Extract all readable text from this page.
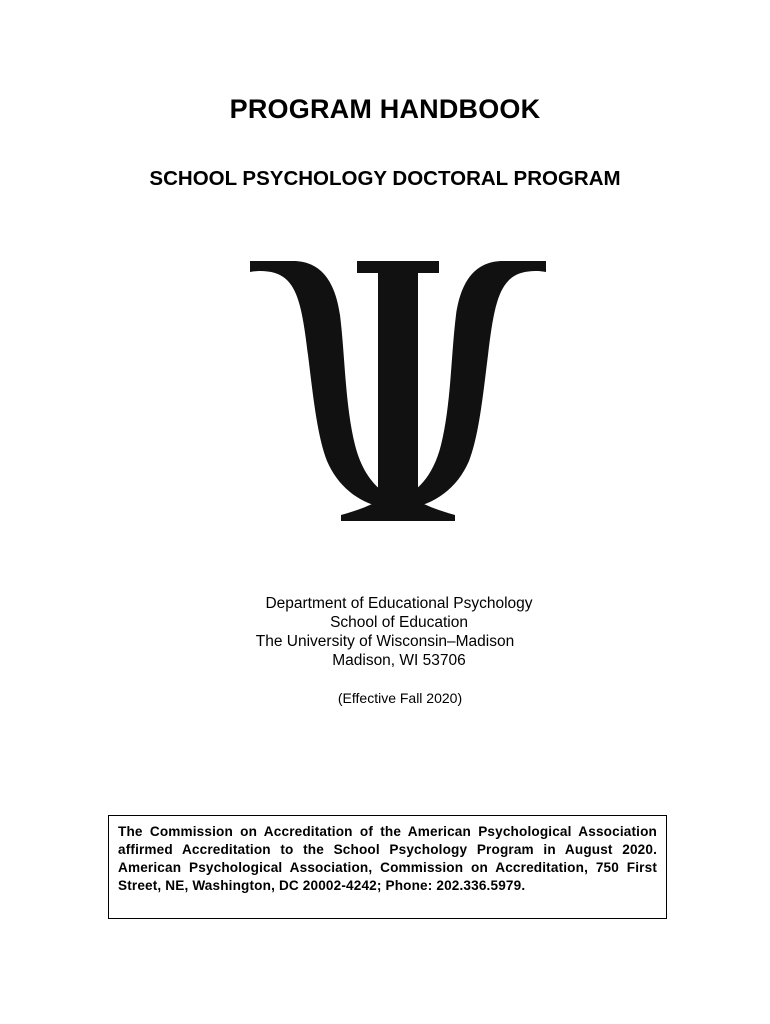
PROGRAM HANDBOOK
SCHOOL PSYCHOLOGY DOCTORAL PROGRAM
Department of Educational Psychology
School of Education
The University of Wisconsin–Madison
Madison, WI 53706
(Effective Fall 2020)
The Commission on Accreditation of the American Psychological Association affirmed Accreditation to the School Psychology Program in August 2020. American Psychological Association, Commission on Accreditation, 750 First Street, NE, Washington, DC 20002-4242; Phone: 202.336.5979.
